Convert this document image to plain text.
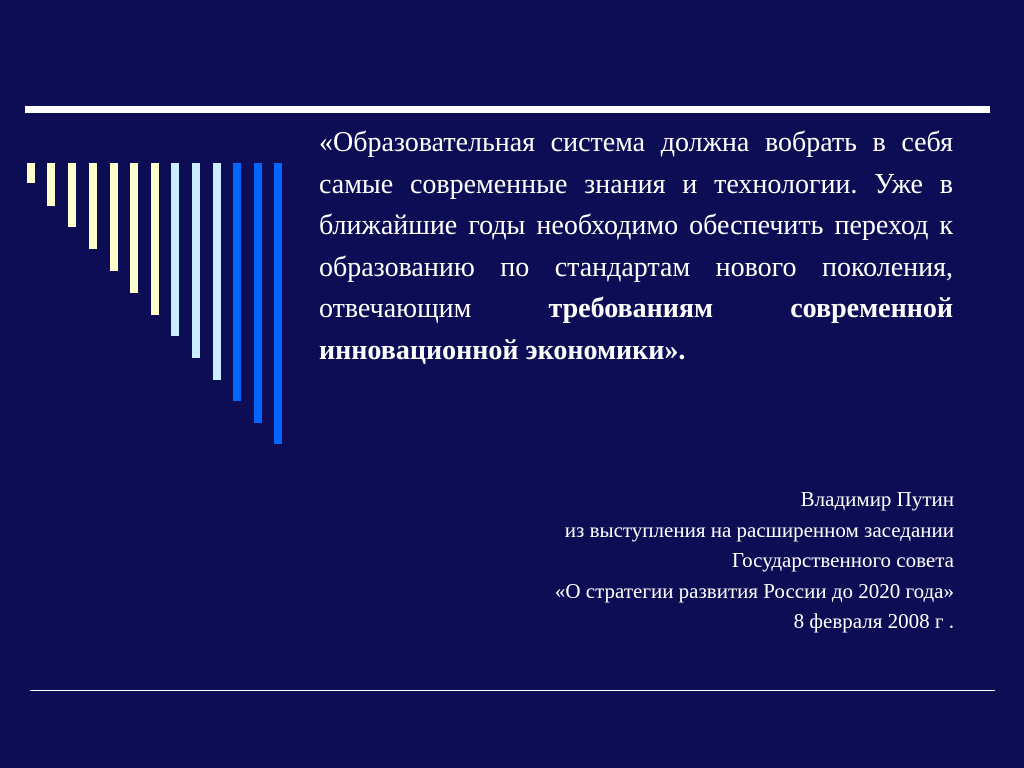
«Образовательная система должна вобрать в себя самые современные знания и технологии. Уже в ближайшие годы необходимо обеспечить переход к образованию по стандартам нового поколения, отвечающим требованиям современной инновационной экономики».
Владимир Путин
из выступления на расширенном заседании
Государственного совета
«О стратегии развития России до 2020 года»
8 февраля 2008 г .
